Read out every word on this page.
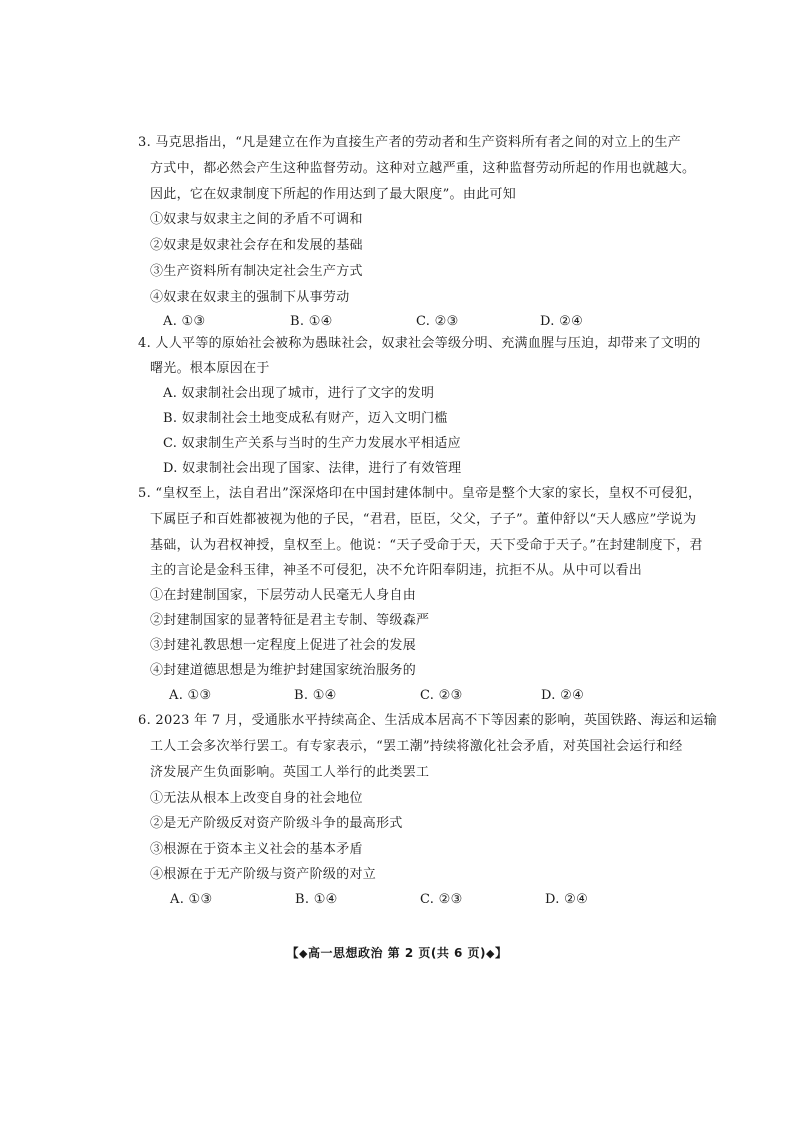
3. 马克思指出，“凡是建立在作为直接生产者的劳动者和生产资料所有者之间的对立上的生产
方式中，都必然会产生这种监督劳动。这种对立越严重，这种监督劳动所起的作用也就越大。
因此，它在奴隶制度下所起的作用达到了最大限度”。由此可知
①奴隶与奴隶主之间的矛盾不可调和
②奴隶是奴隶社会存在和发展的基础
③生产资料所有制决定社会生产方式
④奴隶在奴隶主的强制下从事劳动
A. ①③	B. ①④	C. ②③	D. ②④
4. 人人平等的原始社会被称为愚昧社会，奴隶社会等级分明、充满血腥与压迫，却带来了文明的
曙光。根本原因在于
A. 奴隶制社会出现了城市，进行了文字的发明
B. 奴隶制社会土地变成私有财产，迈入文明门槛
C. 奴隶制生产关系与当时的生产力发展水平相适应
D. 奴隶制社会出现了国家、法律，进行了有效管理
5. “皇权至上，法自君出”深深烙印在中国封建体制中。皇帝是整个大家的家长，皇权不可侵犯，
下属臣子和百姓都被视为他的子民，“君君，臣臣，父父，子子”。董仲舒以“天人感应”学说为
基础，认为君权神授，皇权至上。他说：“天子受命于天，天下受命于天子。”在封建制度下，君
主的言论是金科玉律，神圣不可侵犯，决不允许阳奉阴违，抗拒不从。从中可以看出
①在封建制国家，下层劳动人民毫无人身自由
②封建制国家的显著特征是君主专制、等级森严
③封建礼教思想一定程度上促进了社会的发展
④封建道德思想是为维护封建国家统治服务的
A. ①③	B. ①④	C. ②③	D. ②④
6. 2023 年 7 月，受通胀水平持续高企、生活成本居高不下等因素的影响，英国铁路、海运和运输
工人工会多次举行罢工。有专家表示，“罢工潮”持续将激化社会矛盾，对英国社会运行和经
济发展产生负面影响。英国工人举行的此类罢工
①无法从根本上改变自身的社会地位
②是无产阶级反对资产阶级斗争的最高形式
③根源在于资本主义社会的基本矛盾
④根源在于无产阶级与资产阶级的对立
A. ①③	B. ①④	C. ②③	D. ②④
【◆高一思想政治 第 2 页(共 6 页)◆】
